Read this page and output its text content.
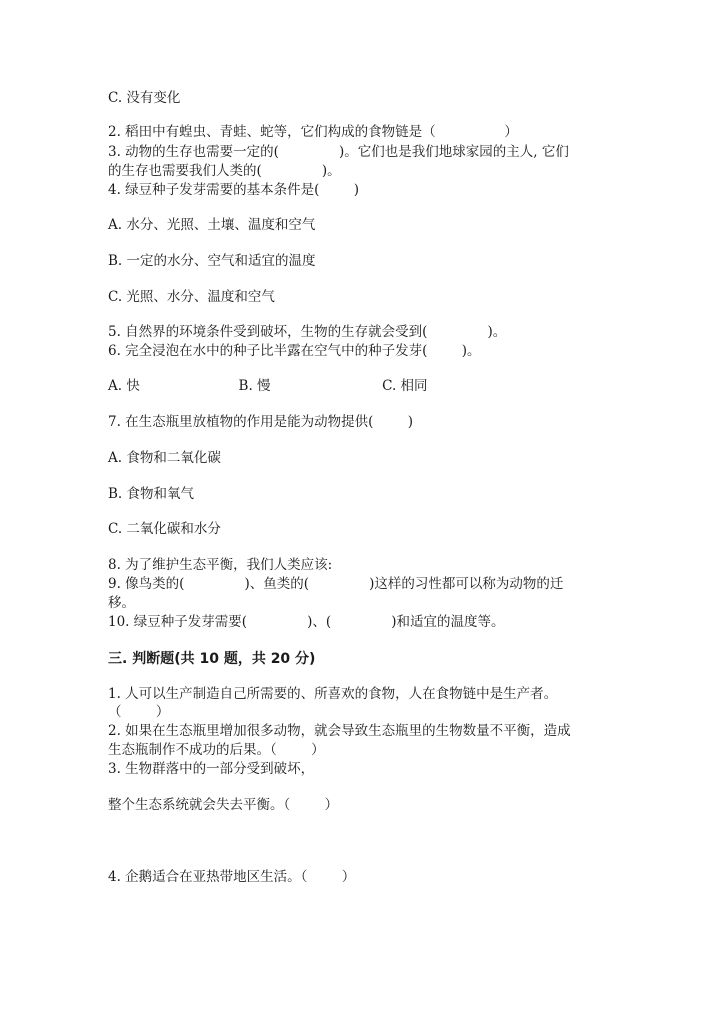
C. 没有变化

2. 稻田中有蝗虫、青蛙、蛇等，它们构成的食物链是（                ）

3. 动物的生存也需要一定的(              )。它们也是我们地球家园的主人, 它们

的生存也需要我们人类的(              )。

4. 绿豆种子发芽需要的基本条件是(        )

A. 水分、光照、土壤、温度和空气

B. 一定的水分、空气和适宜的温度

C. 光照、水分、温度和空气

5. 自然界的环境条件受到破坏，生物的生存就会受到(              )。

6. 完全浸泡在水中的种子比半露在空气中的种子发芽(        )。

A. 快                       B. 慢                          C. 相同

7. 在生态瓶里放植物的作用是能为动物提供(        )

A. 食物和二氧化碳

B. 食物和氧气

C. 二氧化碳和水分

8. 为了维护生态平衡，我们人类应该:

9. 像鸟类的(              )、鱼类的(              )这样的习性都可以称为动物的迁

移。

10. 绿豆种子发芽需要(              )、(              )和适宜的温度等。

三. 判断题(共 10 题，共 20 分)

1. 人可以生产制造自己所需要的、所喜欢的食物，人在食物链中是生产者。

（        ）

2. 如果在生态瓶里增加很多动物，就会导致生态瓶里的生物数量不平衡，造成

生态瓶制作不成功的后果。（        ）

3. 生物群落中的一部分受到破坏，

整个生态系统就会失去平衡。（        ）

4. 企鹅适合在亚热带地区生活。（        ）
